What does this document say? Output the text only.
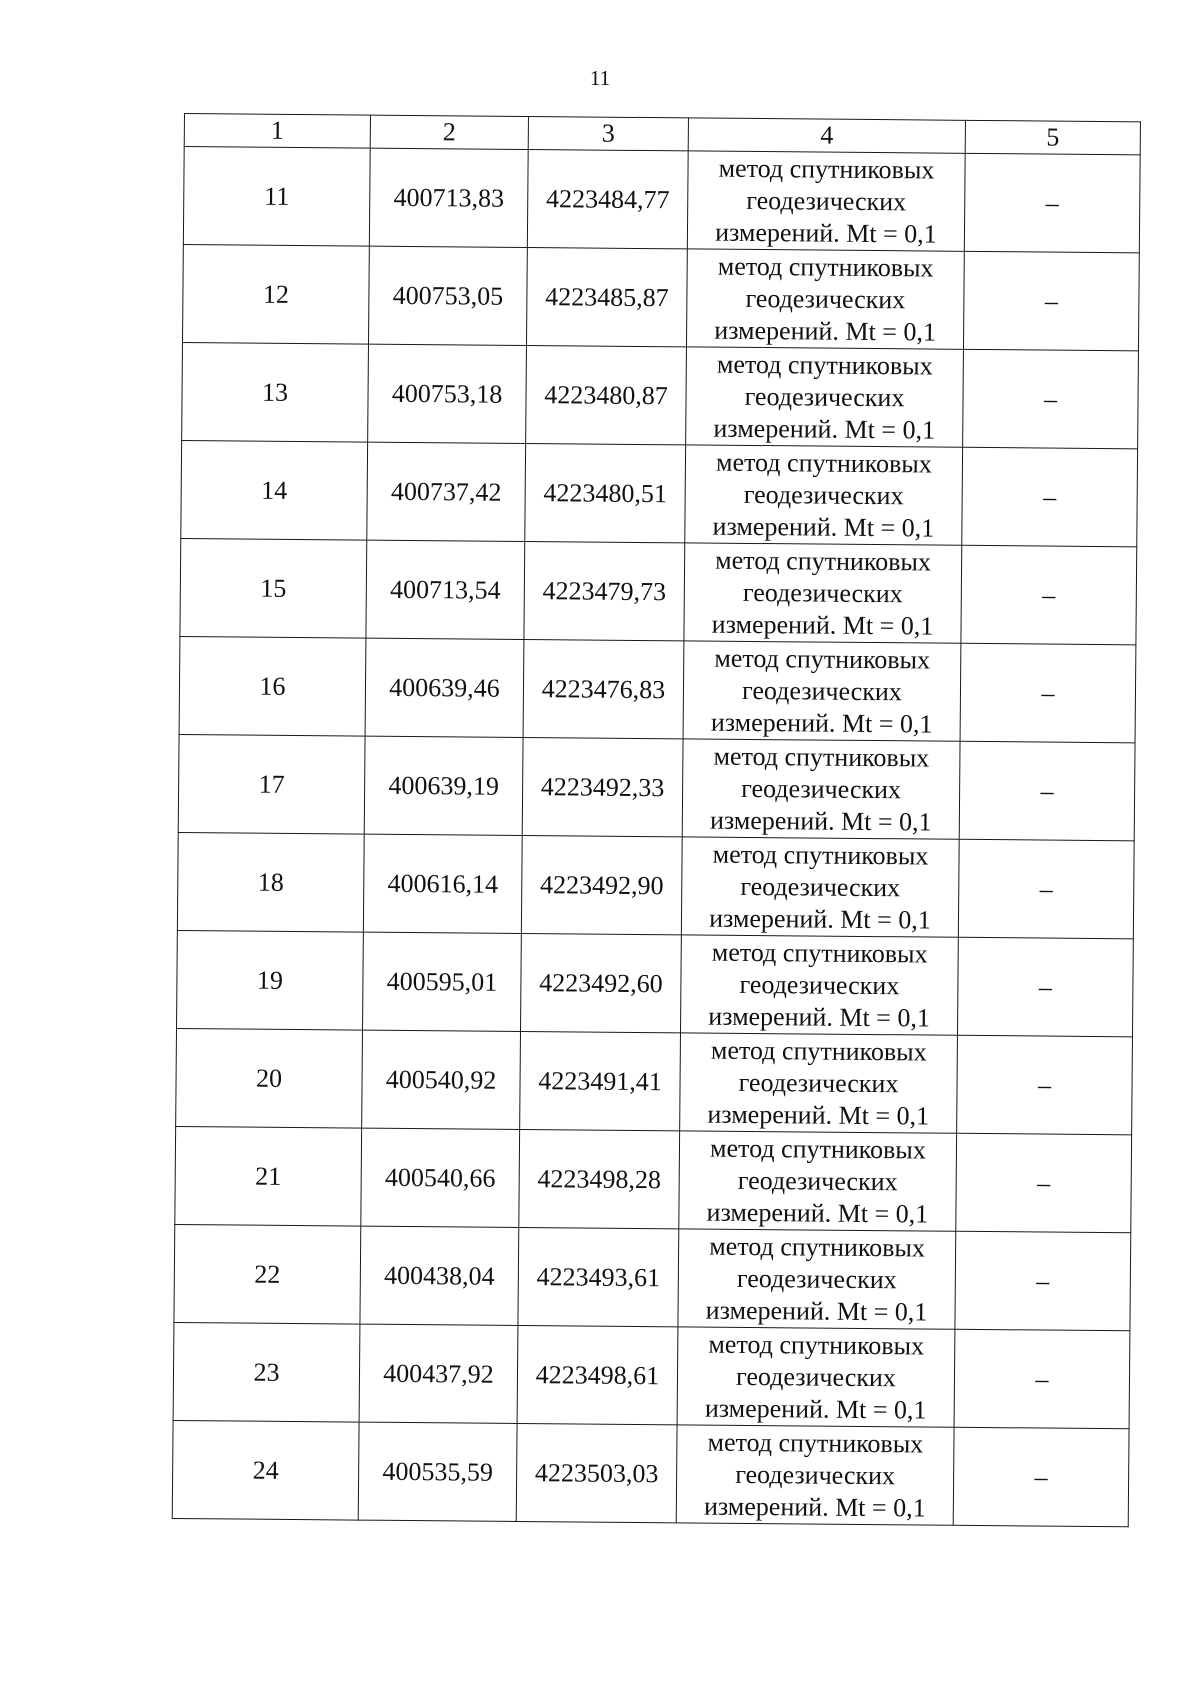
11
1	2	3	4	5
11	400713,83	4223484,77	метод спутниковых
геодезических
измерений. Mt = 0,1	–
12	400753,05	4223485,87	метод спутниковых
геодезических
измерений. Mt = 0,1	–
13	400753,18	4223480,87	метод спутниковых
геодезических
измерений. Mt = 0,1	–
14	400737,42	4223480,51	метод спутниковых
геодезических
измерений. Mt = 0,1	–
15	400713,54	4223479,73	метод спутниковых
геодезических
измерений. Mt = 0,1	–
16	400639,46	4223476,83	метод спутниковых
геодезических
измерений. Mt = 0,1	–
17	400639,19	4223492,33	метод спутниковых
геодезических
измерений. Mt = 0,1	–
18	400616,14	4223492,90	метод спутниковых
геодезических
измерений. Mt = 0,1	–
19	400595,01	4223492,60	метод спутниковых
геодезических
измерений. Mt = 0,1	–
20	400540,92	4223491,41	метод спутниковых
геодезических
измерений. Mt = 0,1	–
21	400540,66	4223498,28	метод спутниковых
геодезических
измерений. Mt = 0,1	–
22	400438,04	4223493,61	метод спутниковых
геодезических
измерений. Mt = 0,1	–
23	400437,92	4223498,61	метод спутниковых
геодезических
измерений. Mt = 0,1	–
24	400535,59	4223503,03	метод спутниковых
геодезических
измерений. Mt = 0,1	–
